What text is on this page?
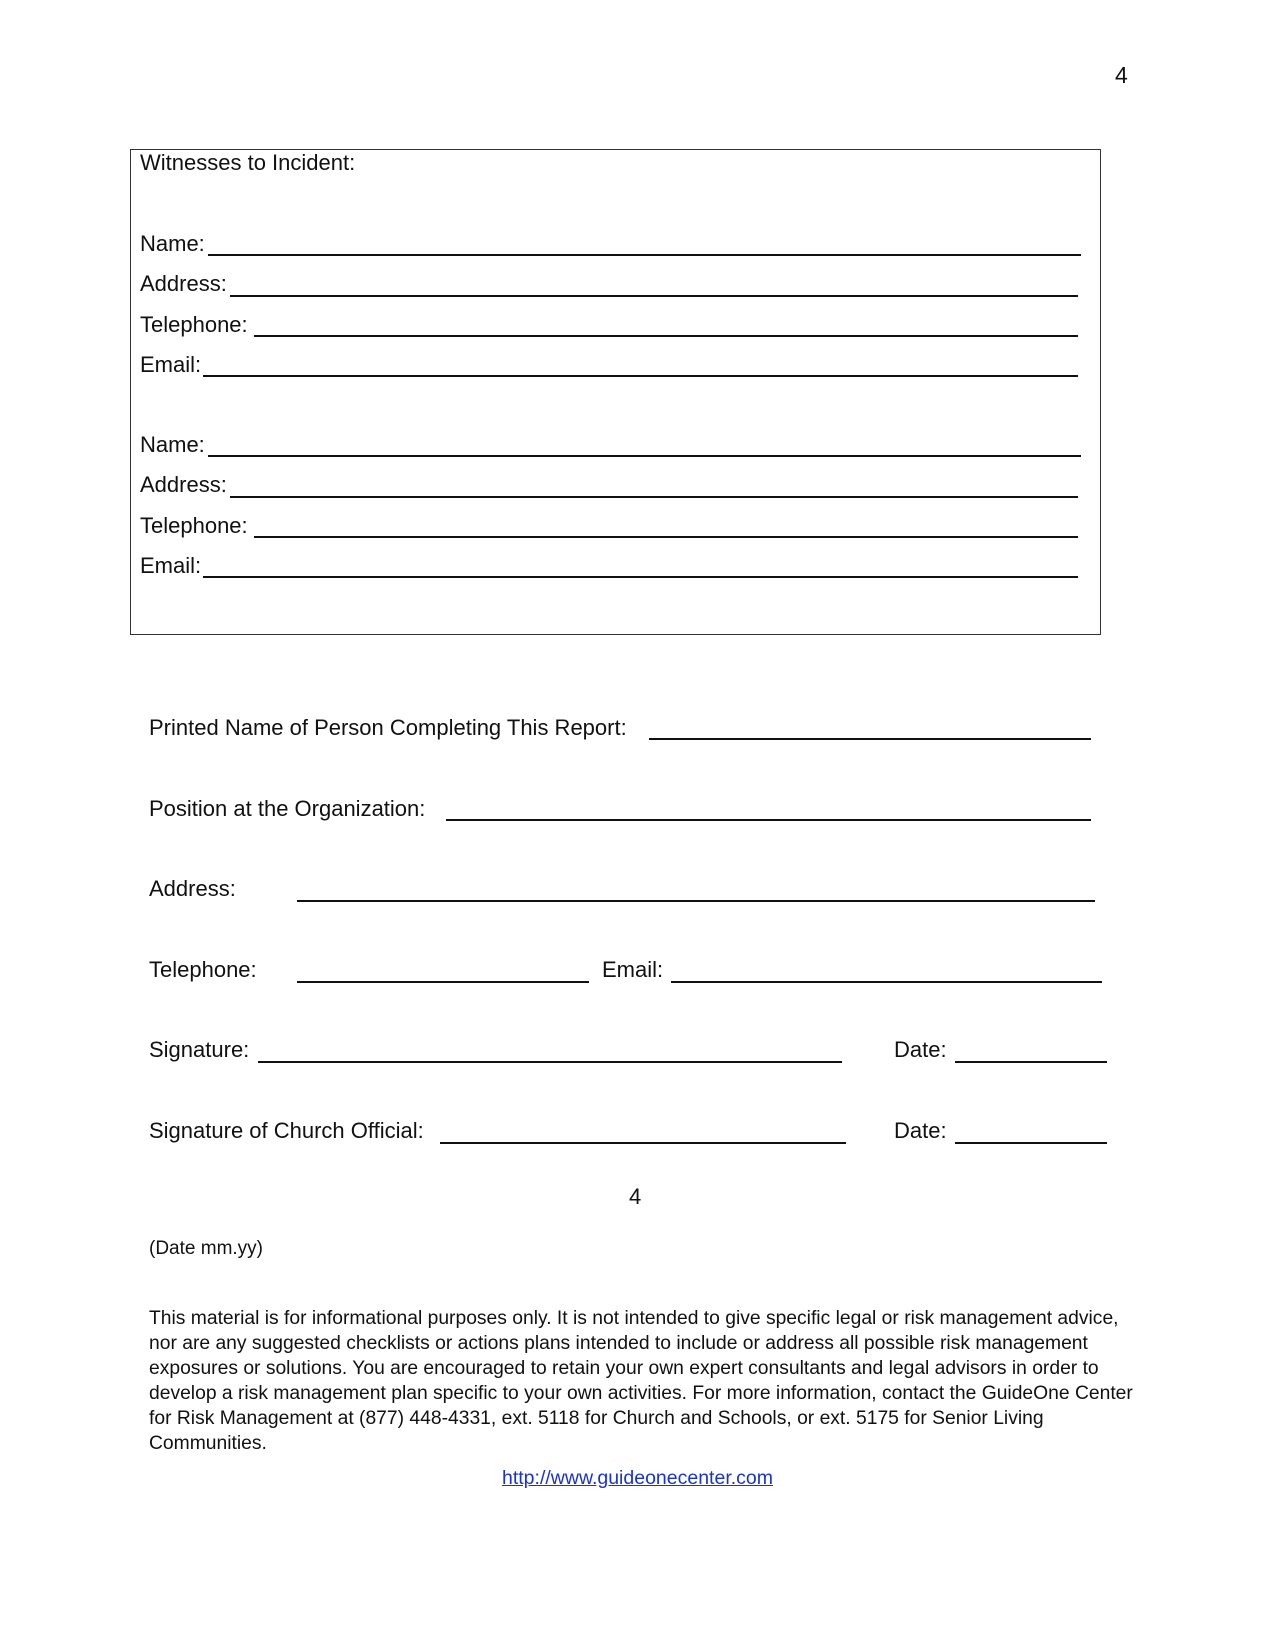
4
Witnesses to Incident:
Name:
Address:
Telephone:
Email:
Name:
Address:
Telephone:
Email:
Printed Name of Person Completing This Report:
Position at the Organization:
Address:
Telephone:	Email:
Signature:	Date:
Signature of Church Official:	Date:
4
(Date mm.yy)
This material is for informational purposes only. It is not intended to give specific legal or risk management advice, nor are any suggested checklists or actions plans intended to include or address all possible risk management exposures or solutions. You are encouraged to retain your own expert consultants and legal advisors in order to develop a risk management plan specific to your own activities. For more information, contact the GuideOne Center for Risk Management at (877) 448-4331, ext. 5118 for Church and Schools, or ext. 5175 for Senior Living Communities.
http://www.guideonecenter.com
